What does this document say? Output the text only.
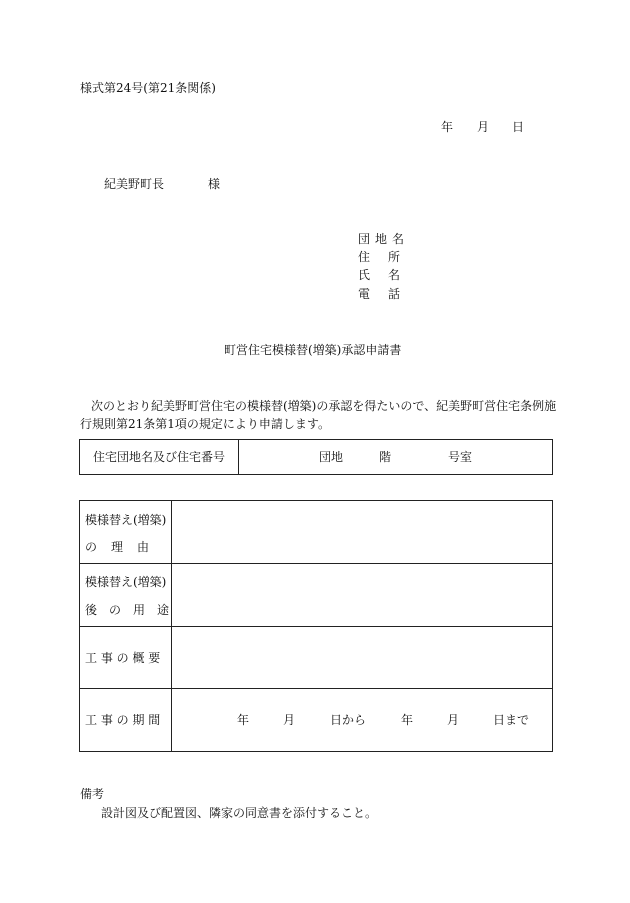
様式第24号(第21条関係)
年 月 日
紀美野町長	様
団地名
住　所
氏　名
電　話
町営住宅模様替(増築)承認申請書
次のとおり紀美野町営住宅の模様替(増築)の承認を得たいので、紀美野町営住宅条例施
行規則第21条第1項の規定により申請します。
住宅団地名及び住宅番号	団地	階	号室
模様替え(増築)
の　理　由
模様替え(増築)
後　の　用　途
工 事 の 概 要
工 事 の 期 間	年	月	日から	年	月	日まで
備考
設計図及び配置図、隣家の同意書を添付すること。
